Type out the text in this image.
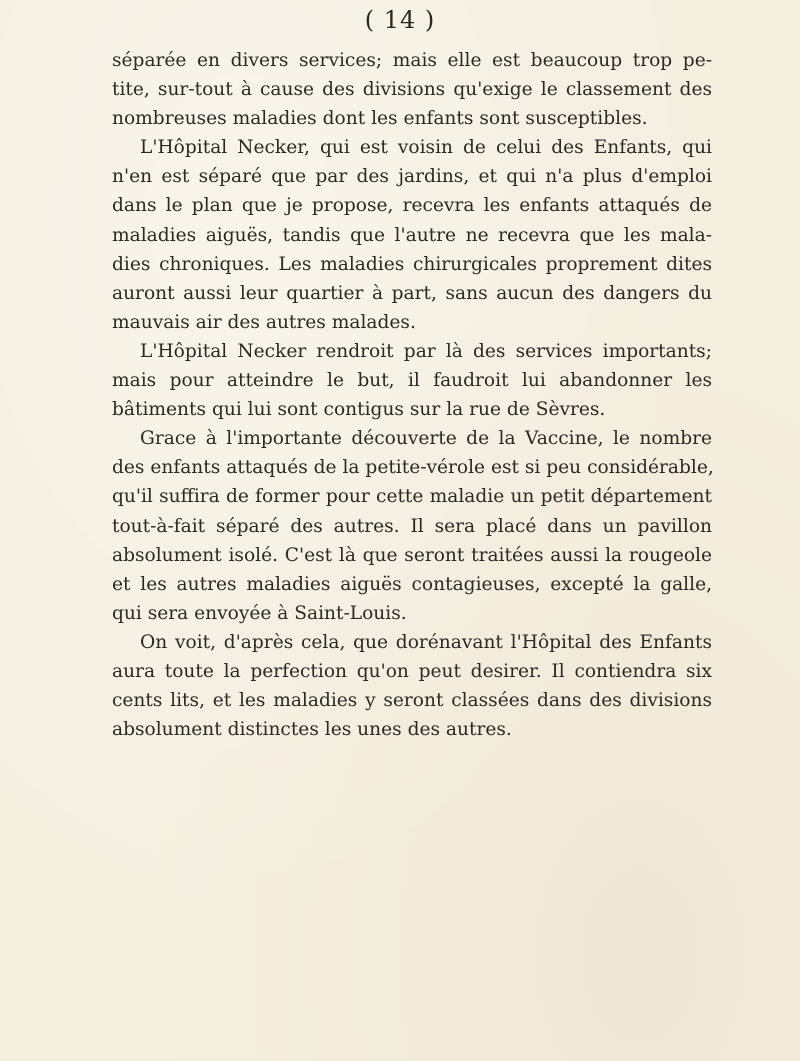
( 14 )
séparée en divers services; mais elle est beaucoup trop pe-
tite, sur-tout à cause des divisions qu'exige le classement des
nombreuses maladies dont les enfants sont susceptibles.
L'Hôpital Necker, qui est voisin de celui des Enfants, qui
n'en est séparé que par des jardins, et qui n'a plus d'emploi
dans le plan que je propose, recevra les enfants attaqués de
maladies aiguës, tandis que l'autre ne recevra que les mala-
dies chroniques. Les maladies chirurgicales proprement dites
auront aussi leur quartier à part, sans aucun des dangers du
mauvais air des autres malades.
L'Hôpital Necker rendroit par là des services importants;
mais pour atteindre le but, il faudroit lui abandonner les
bâtiments qui lui sont contigus sur la rue de Sèvres.
Grace à l'importante découverte de la Vaccine, le nombre
des enfants attaqués de la petite-vérole est si peu considérable,
qu'il suffira de former pour cette maladie un petit département
tout-à-fait séparé des autres. Il sera placé dans un pavillon
absolument isolé. C'est là que seront traitées aussi la rougeole
et les autres maladies aiguës contagieuses, excepté la galle,
qui sera envoyée à Saint-Louis.
On voit, d'après cela, que dorénavant l'Hôpital des Enfants
aura toute la perfection qu'on peut desirer. Il contiendra six
cents lits, et les maladies y seront classées dans des divisions
absolument distinctes les unes des autres.
